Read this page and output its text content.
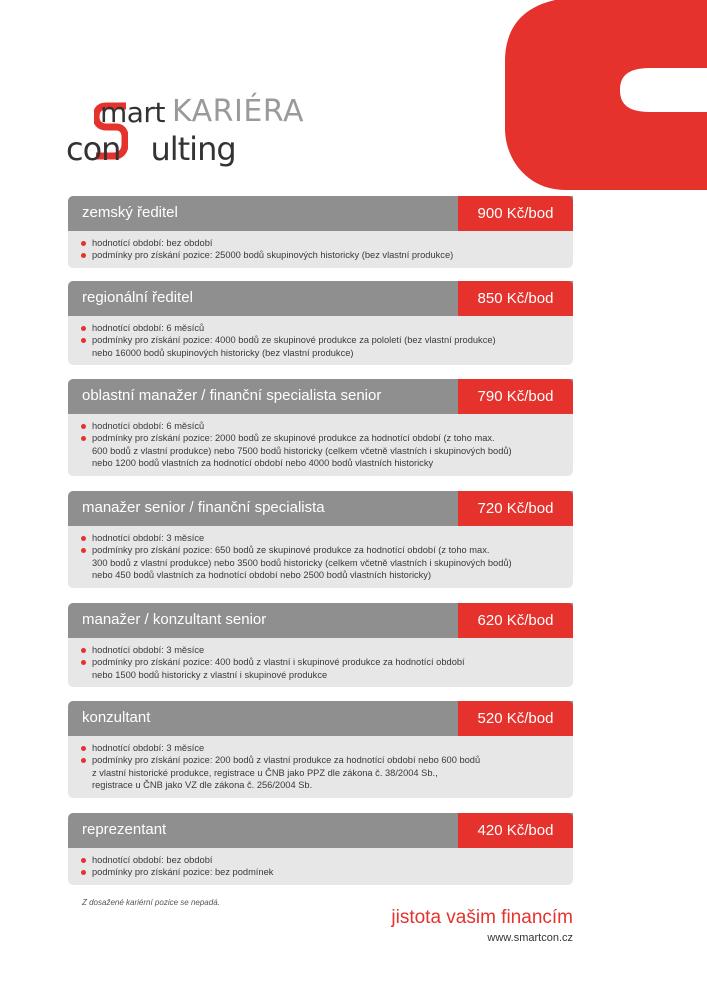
mart KARIÉRA
con ulting
zemský ředitel	900 Kč/bod
hodnotící období: bez období
podmínky pro získání pozice: 25000 bodů skupinových historicky (bez vlastní produkce)
regionální ředitel	850 Kč/bod
hodnotící období: 6 měsíců
podmínky pro získání pozice: 4000 bodů ze skupinové produkce za pololetí (bez vlastní produkce)
nebo 16000 bodů skupinových historicky (bez vlastní produkce)
oblastní manažer / finanční specialista senior	790 Kč/bod
hodnotící období: 6 měsíců
podmínky pro získání pozice: 2000 bodů ze skupinové produkce za hodnotící období (z toho max.
600 bodů z vlastní produkce) nebo 7500 bodů historicky (celkem včetně vlastních i skupinových bodů)
nebo 1200 bodů vlastních za hodnotící období nebo 4000 bodů vlastních historicky
manažer senior / finanční specialista	720 Kč/bod
hodnotící období: 3 měsíce
podmínky pro získání pozice: 650 bodů ze skupinové produkce za hodnotící období (z toho max.
300 bodů z vlastní produkce) nebo 3500 bodů historicky (celkem včetně vlastních i skupinových bodů)
nebo 450 bodů vlastních za hodnotící období nebo 2500 bodů vlastních historicky)
manažer / konzultant senior	620 Kč/bod
hodnotící období: 3 měsíce
podmínky pro získání pozice: 400 bodů z vlastní i skupinové produkce za hodnotící období
nebo 1500 bodů historicky z vlastní i skupinové produkce
konzultant	520 Kč/bod
hodnotící období: 3 měsíce
podmínky pro získání pozice: 200 bodů z vlastní produkce za hodnotící období nebo 600 bodů
z vlastní historické produkce, registrace u ČNB jako PPZ dle zákona č. 38/2004 Sb.,
registrace u ČNB jako VZ dle zákona č. 256/2004 Sb.
reprezentant	420 Kč/bod
hodnotící období: bez období
podmínky pro získání pozice: bez podmínek
Z dosažené kariérní pozice se nepadá.
jistota vašim financím
www.smartcon.cz
